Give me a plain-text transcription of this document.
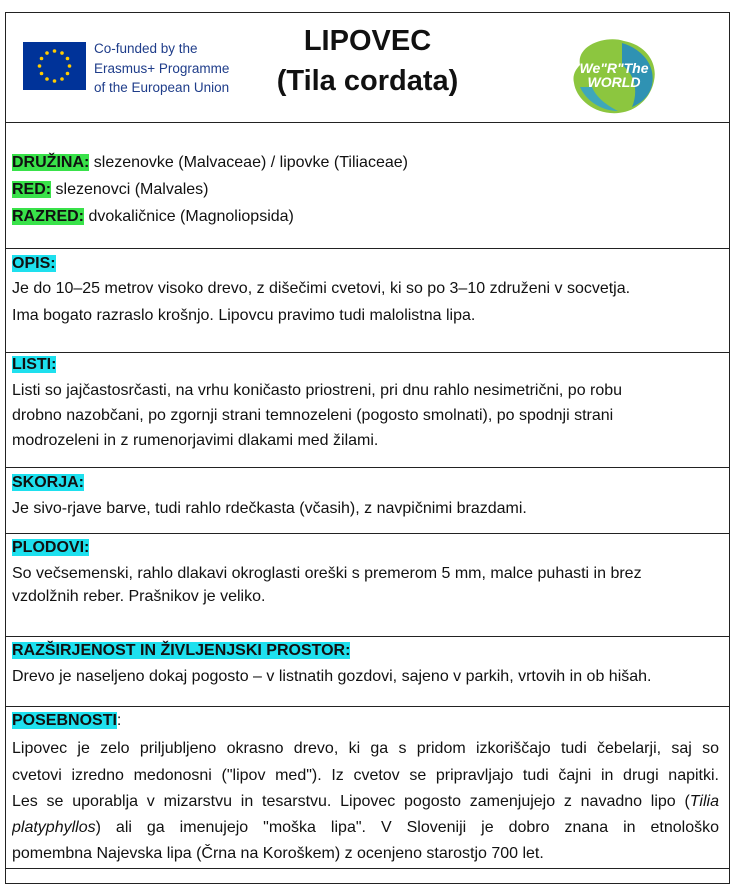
Co-funded by the
Erasmus+ Programme
of the European Union
LIPOVEC
(Tila cordata)	We"R"The
WORLD
DRUŽINA: slezenovke (Malvaceae) / lipovke (Tiliaceae)
RED: slezenovci (Malvales)
RAZRED: dvokaličnice (Magnoliopsida)
OPIS:
Je do 10–25 metrov visoko drevo, z dišečimi cvetovi, ki so po 3–10 združeni v socvetja.
Ima bogato razraslo krošnjo. Lipovcu pravimo tudi malolistna lipa.
LISTI:
Listi so jajčastosrčasti, na vrhu koničasto priostreni, pri dnu rahlo nesimetrični, po robu
drobno nazobčani, po zgornji strani temnozeleni (pogosto smolnati), po spodnji strani
modrozeleni in z rumenorjavimi dlakami med žilami.
SKORJA:
Je sivo-rjave barve, tudi rahlo rdečkasta (včasih), z navpičnimi brazdami.
PLODOVI:
So večsemenski, rahlo dlakavi okroglasti oreški s premerom 5 mm, malce puhasti in brez
vzdolžnih reber. Prašnikov je veliko.
RAZŠIRJENOST IN ŽIVLJENJSKI PROSTOR:
Drevo je naseljeno dokaj pogosto – v listnatih gozdovi, sajeno v parkih, vrtovih in ob hišah.
POSEBNOSTI:
Lipovec je zelo priljubljeno okrasno drevo, ki ga s pridom izkoriščajo tudi čebelarji, saj so
cvetovi izredno medonosni ("lipov med"). Iz cvetov se pripravljajo tudi čajni in drugi napitki.
Les se uporablja v mizarstvu in tesarstvu. Lipovec pogosto zamenjujejo z navadno lipo (Tilia
platyphyllos) ali ga imenujejo "moška lipa". V Sloveniji je dobro znana in etnološko
pomembna Najevska lipa (Črna na Koroškem) z ocenjeno starostjo 700 let.
